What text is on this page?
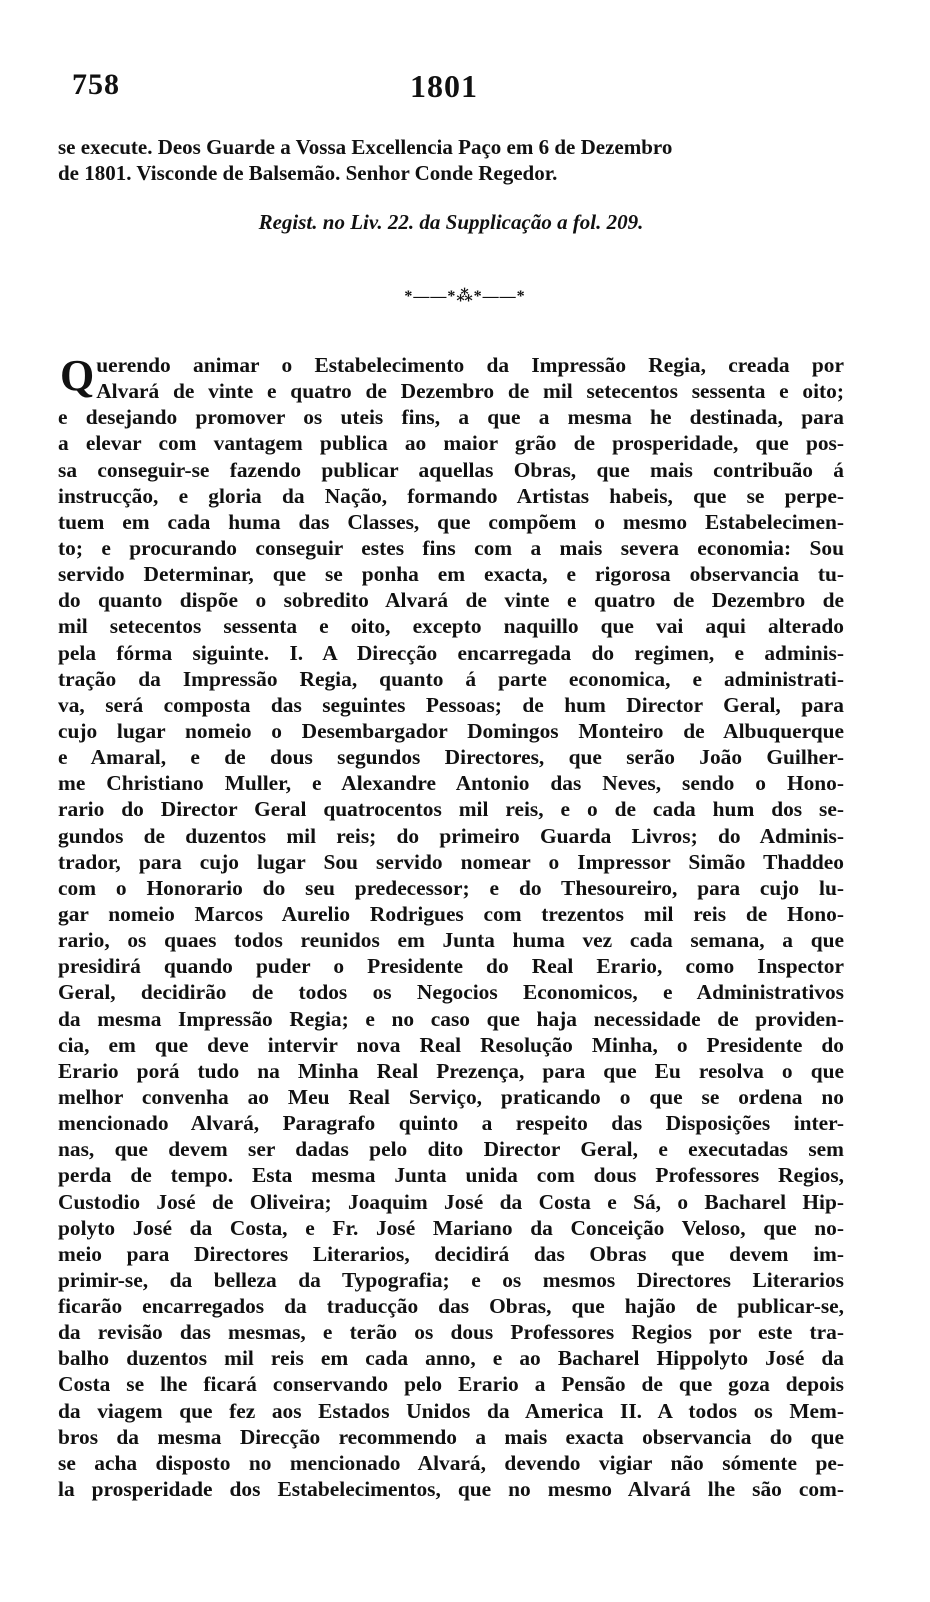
758	1801
se execute. Deos Guarde a Vossa Excellencia Paço em 6 de Dezembro
de 1801. Visconde de Balsemão. Senhor Conde Regedor.
Regist. no Liv. 22. da Supplicação a fol. 209.
*——*⁂*——*
Q uerendo animar o Estabelecimento da Impressão Regia, creada por
Alvará de vinte e quatro de Dezembro de mil setecentos sessenta e oito;
e desejando promover os uteis fins, a que a mesma he destinada, para
a elevar com vantagem publica ao maior grão de prosperidade, que pos-
sa conseguir-se fazendo publicar aquellas Obras, que mais contribuão á
instrucção, e gloria da Nação, formando Artistas habeis, que se perpe-
tuem em cada huma das Classes, que compõem o mesmo Estabelecimen-
to; e procurando conseguir estes fins com a mais severa economia: Sou
servido Determinar, que se ponha em exacta, e rigorosa observancia tu-
do quanto dispõe o sobredito Alvará de vinte e quatro de Dezembro de
mil setecentos sessenta e oito, excepto naquillo que vai aqui alterado
pela fórma siguinte. I. A Direcção encarregada do regimen, e adminis-
tração da Impressão Regia, quanto á parte economica, e administrati-
va, será composta das seguintes Pessoas; de hum Director Geral, para
cujo lugar nomeio o Desembargador Domingos Monteiro de Albuquerque
e Amaral, e de dous segundos Directores, que serão João Guilher-
me Christiano Muller, e Alexandre Antonio das Neves, sendo o Hono-
rario do Director Geral quatrocentos mil reis, e o de cada hum dos se-
gundos de duzentos mil reis; do primeiro Guarda Livros; do Adminis-
trador, para cujo lugar Sou servido nomear o Impressor Simão Thaddeo
com o Honorario do seu predecessor; e do Thesoureiro, para cujo lu-
gar nomeio Marcos Aurelio Rodrigues com trezentos mil reis de Hono-
rario, os quaes todos reunidos em Junta huma vez cada semana, a que
presidirá quando puder o Presidente do Real Erario, como Inspector
Geral, decidirão de todos os Negocios Economicos, e Administrativos
da mesma Impressão Regia; e no caso que haja necessidade de providen-
cia, em que deve intervir nova Real Resolução Minha, o Presidente do
Erario porá tudo na Minha Real Prezença, para que Eu resolva o que
melhor convenha ao Meu Real Serviço, praticando o que se ordena no
mencionado Alvará, Paragrafo quinto a respeito das Disposições inter-
nas, que devem ser dadas pelo dito Director Geral, e executadas sem
perda de tempo. Esta mesma Junta unida com dous Professores Regios,
Custodio José de Oliveira; Joaquim José da Costa e Sá, o Bacharel Hip-
polyto José da Costa, e Fr. José Mariano da Conceição Veloso, que no-
meio para Directores Literarios, decidirá das Obras que devem im-
primir-se, da belleza da Typografia; e os mesmos Directores Literarios
ficarão encarregados da traducção das Obras, que hajão de publicar-se,
da revisão das mesmas, e terão os dous Professores Regios por este tra-
balho duzentos mil reis em cada anno, e ao Bacharel Hippolyto José da
Costa se lhe ficará conservando pelo Erario a Pensão de que goza depois
da viagem que fez aos Estados Unidos da America II. A todos os Mem-
bros da mesma Direcção recommendo a mais exacta observancia do que
se acha disposto no mencionado Alvará, devendo vigiar não sómente pe-
la prosperidade dos Estabelecimentos, que no mesmo Alvará lhe são com-
